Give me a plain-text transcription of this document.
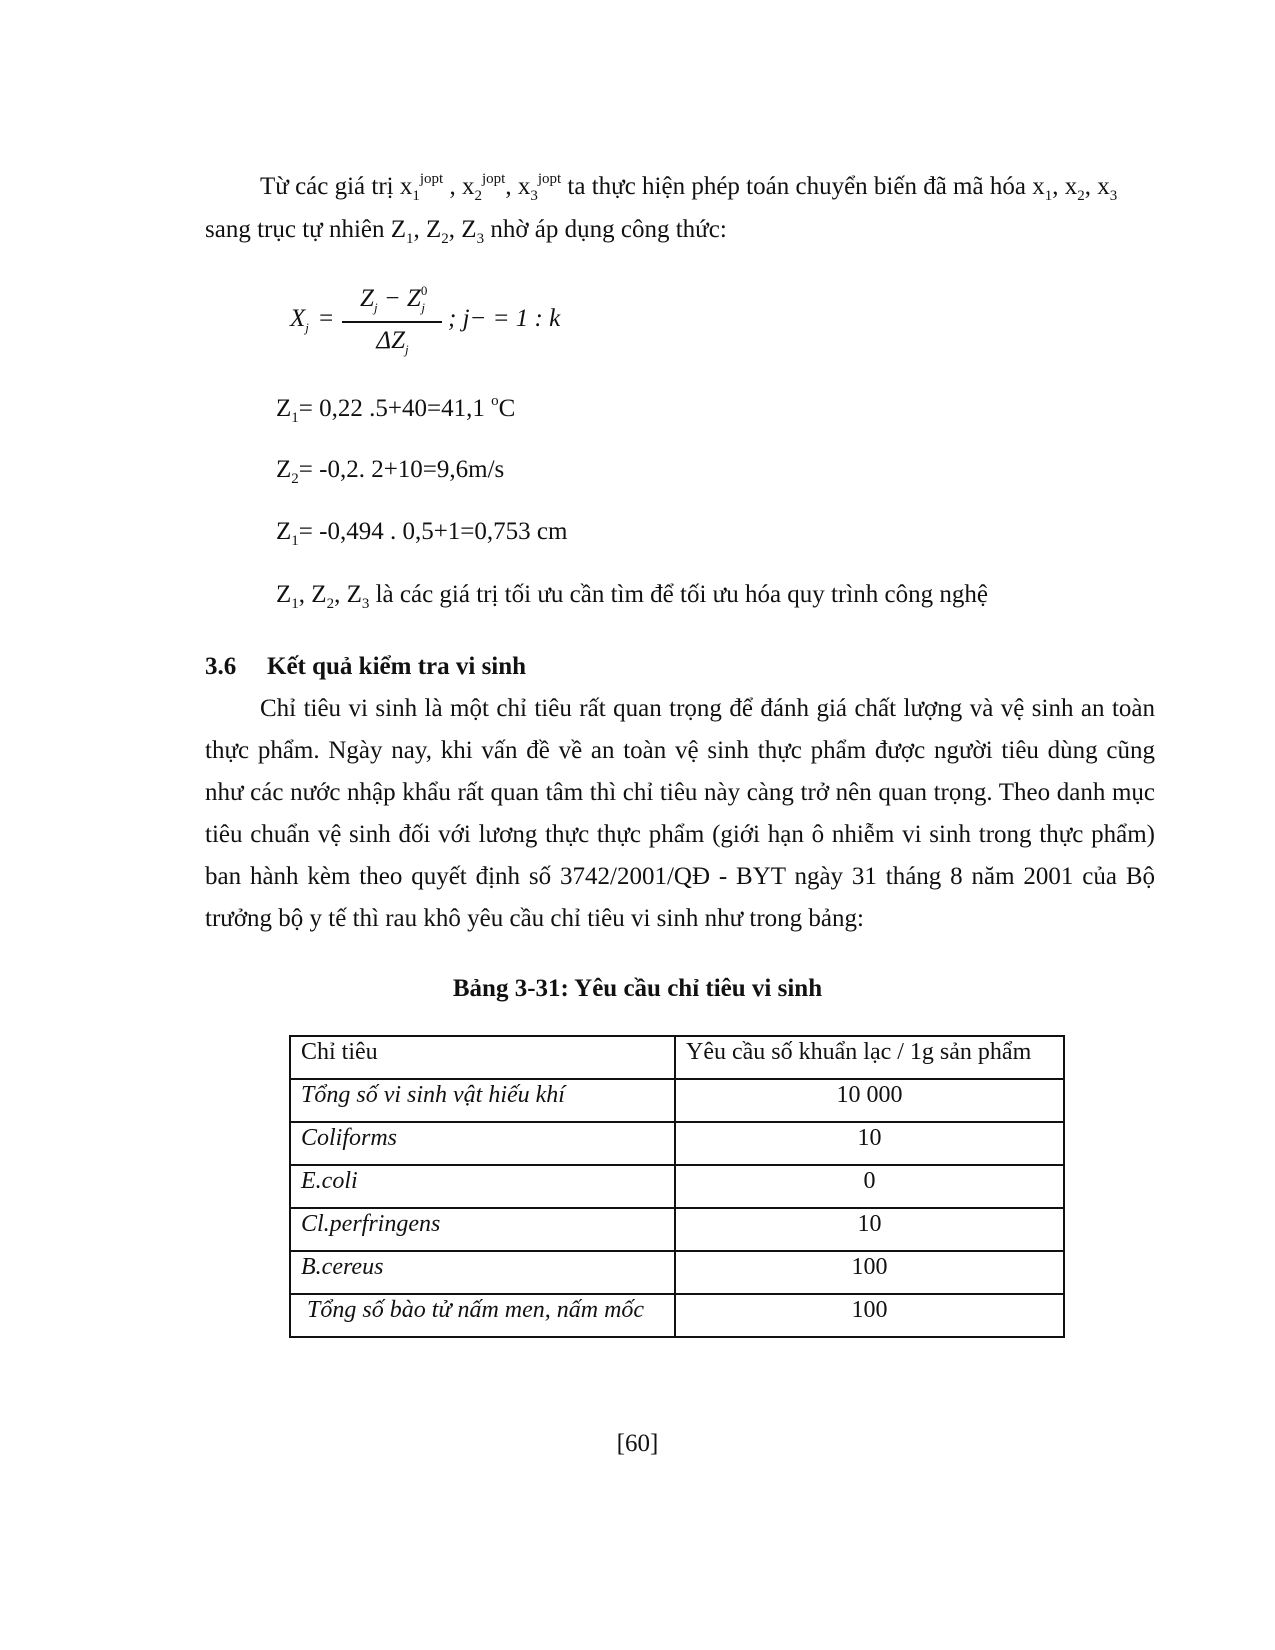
Từ các giá trị $x_1^{jopt}$ , $x_2^{jopt}$, $x_3^{jopt}$ ta thực hiện phép toán chuyển biến đã mã hóa $x_1$, $x_2$, $x_3$
sang trục tự nhiên $Z_1$, $Z_2$, $Z_3$ nhờ áp dụng công thức:
$X_j$ =
$Z_j - Z^0_j$
$\Delta Z_j$
; j− = 1 : k
$Z_1= 0,22$ .5+40=41,1 $^o$C
$Z_2= -0,2$. 2+10=9,6m/s
$Z_1= -0,494$ . 0,5+1=0,753 cm
$Z_1$, $Z_2$, $Z_3$ là các giá trị tối ưu cần tìm để tối ưu hóa quy trình công nghệ
3.6 Kết quả kiểm tra vi sinh
Chỉ tiêu vi sinh là một chỉ tiêu rất quan trọng để đánh giá chất lượng và vệ sinh an toàn
thực phẩm. Ngày nay, khi vấn đề về an toàn vệ sinh thực phẩm được người tiêu dùng cũng
như các nước nhập khẩu rất quan tâm thì chỉ tiêu này càng trở nên quan trọng. Theo danh mục
tiêu chuẩn vệ sinh đối với lương thực thực phẩm (giới hạn ô nhiễm vi sinh trong thực phẩm)
ban hành kèm theo quyết định số 3742/2001/QĐ - BYT ngày 31 tháng 8 năm 2001 của Bộ
trưởng bộ y tế thì rau khô yêu cầu chỉ tiêu vi sinh như trong bảng:
Bảng 3-31: Yêu cầu chỉ tiêu vi sinh
Chỉ tiêu	Yêu cầu số khuẩn lạc / 1g sản phẩm
Tổng số vi sinh vật hiếu khí	10 000
Coliforms	10
E.coli	0
Cl.perfringens	10
B.cereus	100
Tổng số bào tử nấm men, nấm mốc	100
[60]
